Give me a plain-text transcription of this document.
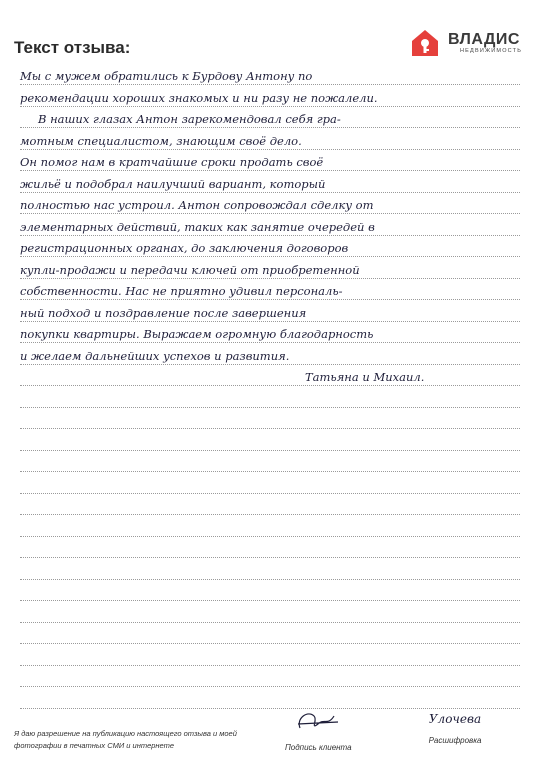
Текст отзыва:	ВЛАДИС
НЕДВИЖИМОСТЬ
Мы с мужем обратились к Бурдову Антону по
рекомендации хороших знакомых и ни разу не пожалели.
В наших глазах Антон зарекомендовал себя гра-
мотным специалистом, знающим своё дело.
Он помог нам в кратчайшие сроки продать своё
жильё и подобрал наилучший вариант, который
полностью нас устроил. Антон сопровождал сделку от
элементарных действий, таких как занятие очередей в
регистрационных органах, до заключения договоров
купли-продажи и передачи ключей от приобретенной
собственности. Нас не приятно удивил персональ-
ный подход и поздравление после завершения
покупки квартиры. Выражаем огромную благодарность
и желаем дальнейших успехов и развития.
Татьяна и Михаил.
Я даю разрешение на публикацию настоящего отзыва и моей фотографии в печатных СМИ и интернете	Подпись клиента
Улочева
Расшифровка
